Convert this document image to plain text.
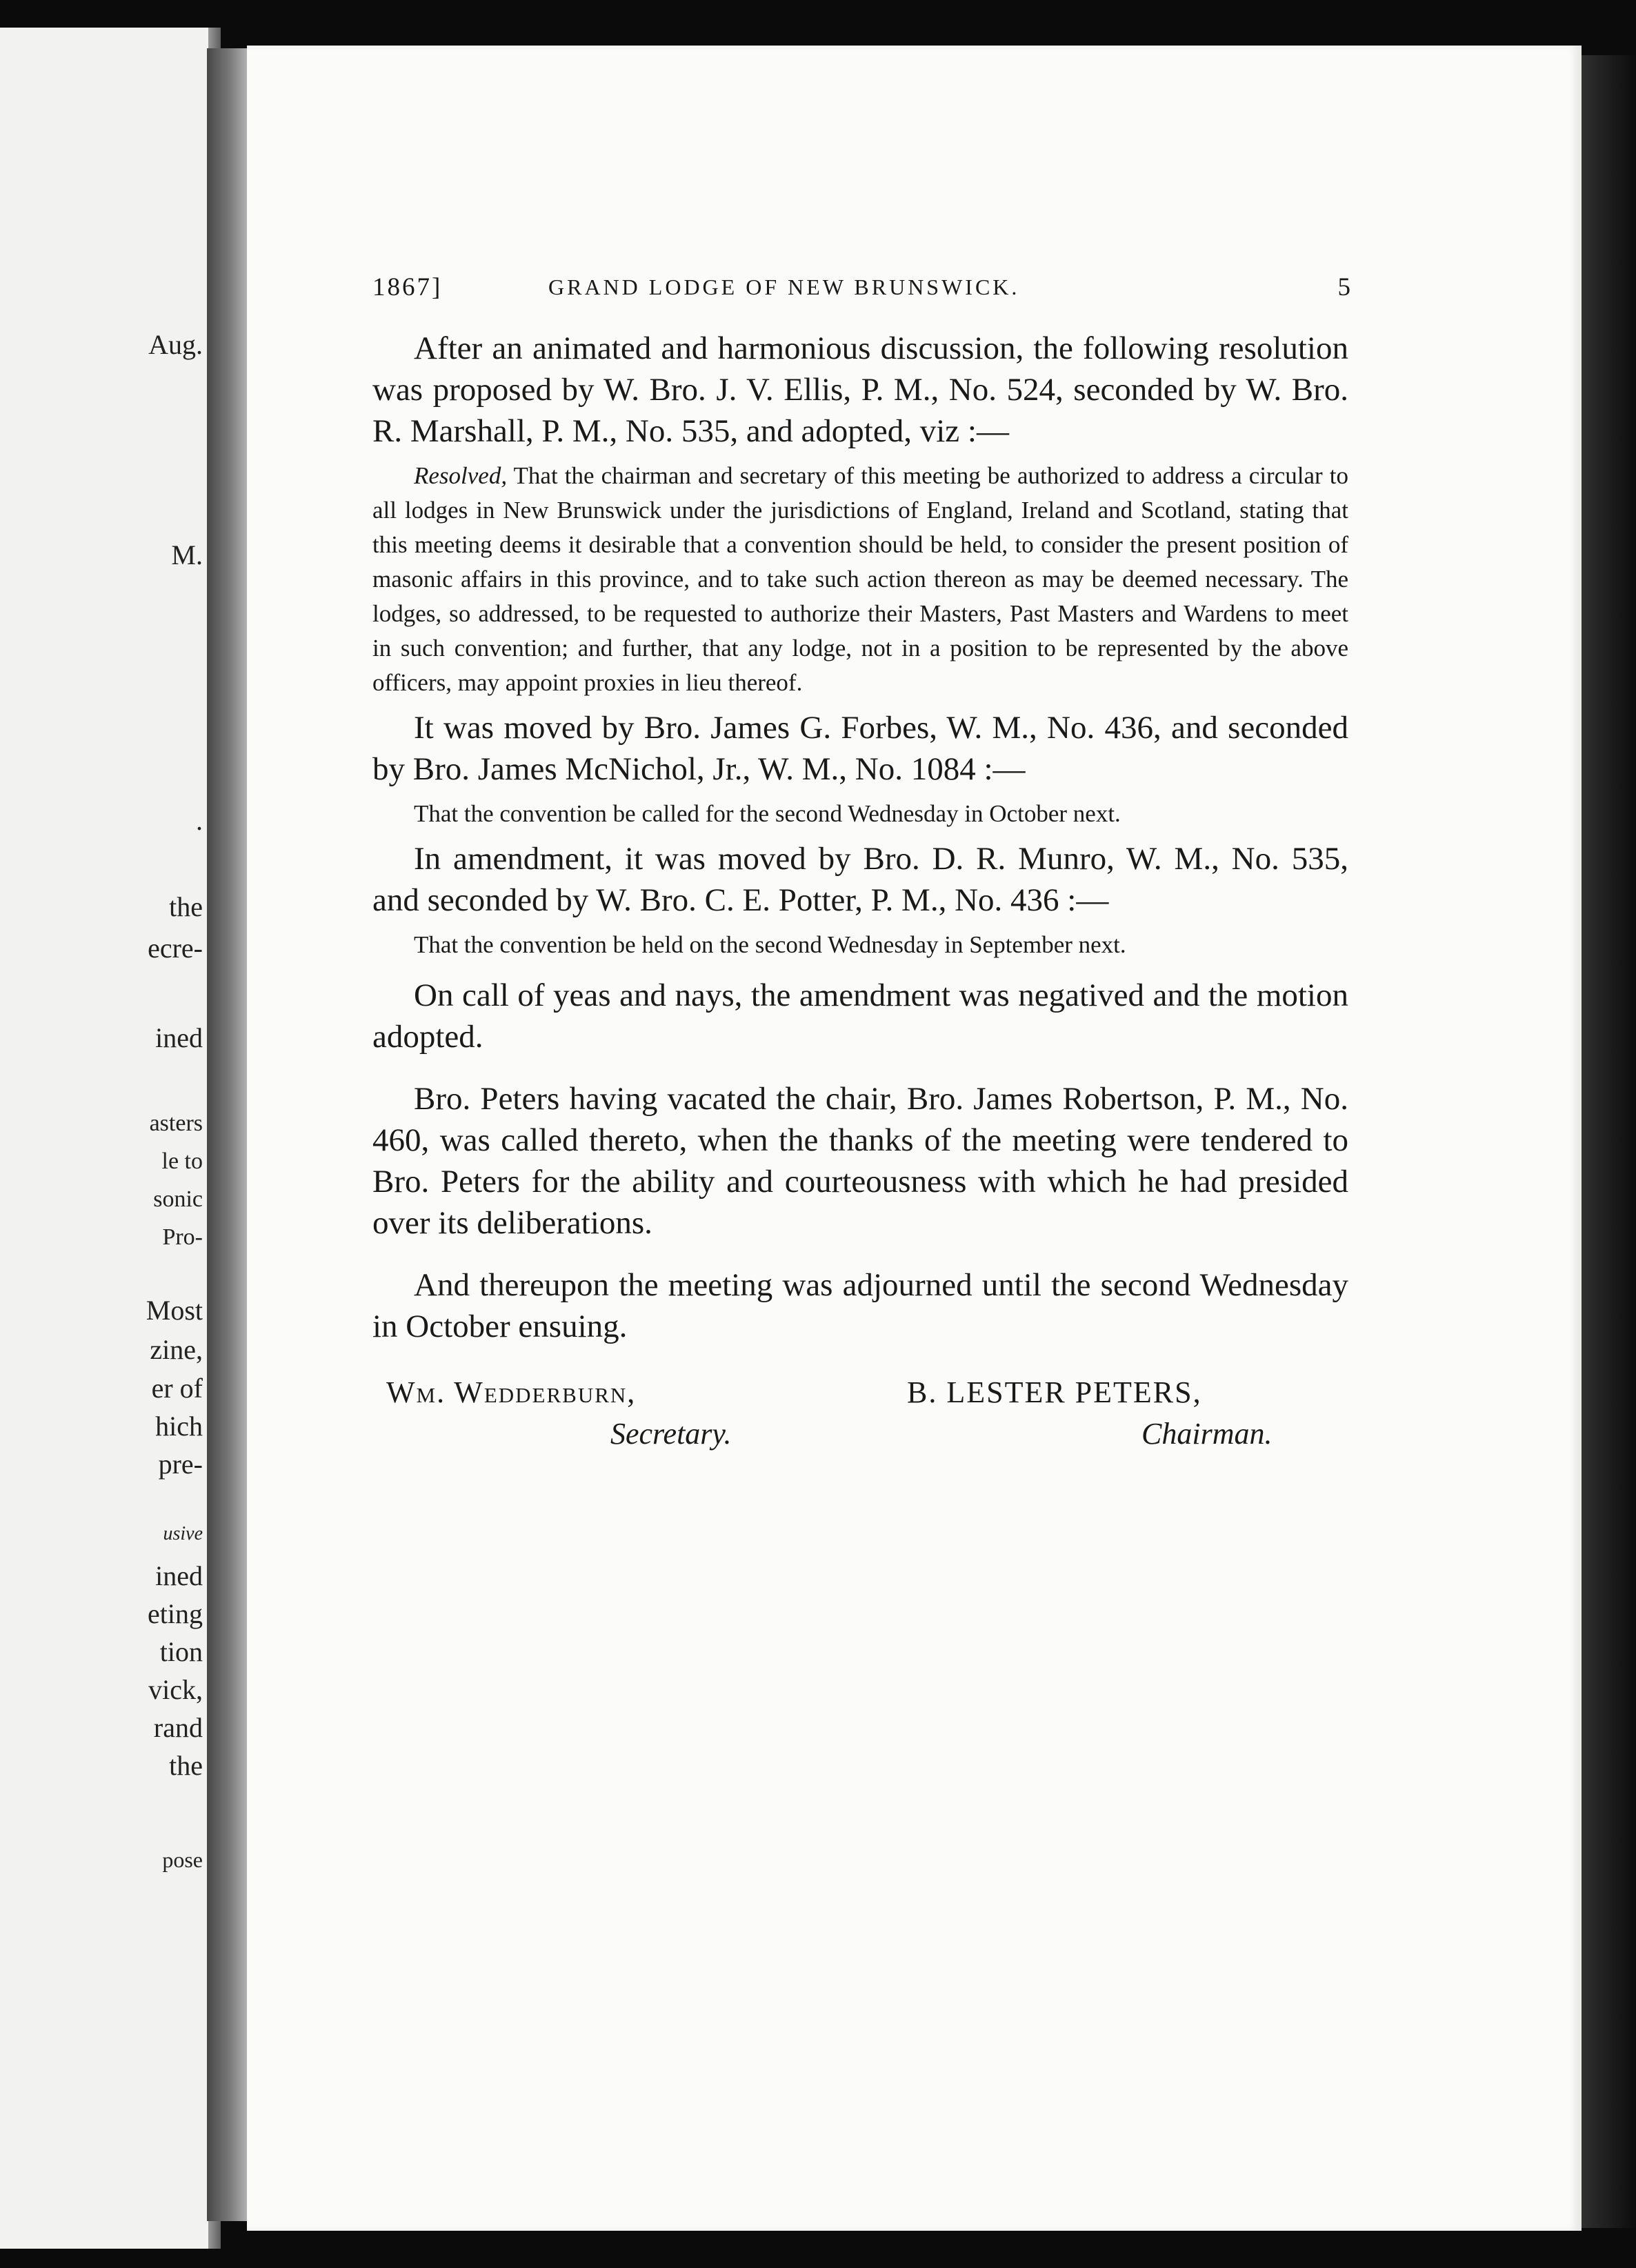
Aug.

M.

.

the

ecre-

ined

asters

le to

sonic

Pro-

Most

zine,

er of

hich

pre-

usive

ined

eting

tion

vick,

rand

the

pose

1867]	GRAND LODGE OF NEW BRUNSWICK.	5

After an animated and harmonious discussion, the following resolution was proposed by W. Bro. J. V. Ellis, P. M., No. 524, seconded by W. Bro. R. Marshall, P. M., No. 535, and adopted, viz :—

Resolved, That the chairman and secretary of this meeting be authorized to address a circular to all lodges in New Brunswick under the jurisdictions of England, Ireland and Scotland, stating that this meeting deems it desirable that a convention should be held, to consider the present position of masonic affairs in this province, and to take such action thereon as may be deemed necessary. The lodges, so addressed, to be requested to authorize their Masters, Past Masters and Wardens to meet in such convention; and further, that any lodge, not in a position to be represented by the above officers, may appoint proxies in lieu thereof.

It was moved by Bro. James G. Forbes, W. M., No. 436, and seconded by Bro. James McNichol, Jr., W. M., No. 1084 :—

That the convention be called for the second Wednesday in October next.

In amendment, it was moved by Bro. D. R. Munro, W. M., No. 535, and seconded by W. Bro. C. E. Potter, P. M., No. 436 :—

That the convention be held on the second Wednesday in September next.

On call of yeas and nays, the amendment was negatived and the motion adopted.

Bro. Peters having vacated the chair, Bro. James Robertson, P. M., No. 460, was called thereto, when the thanks of the meeting were tendered to Bro. Peters for the ability and courteousness with which he had presided over its deliberations.

And thereupon the meeting was adjourned until the second Wednesday in October ensuing.

Wm. Wedderburn,
Secretary.
B. LESTER PETERS,
Chairman.
